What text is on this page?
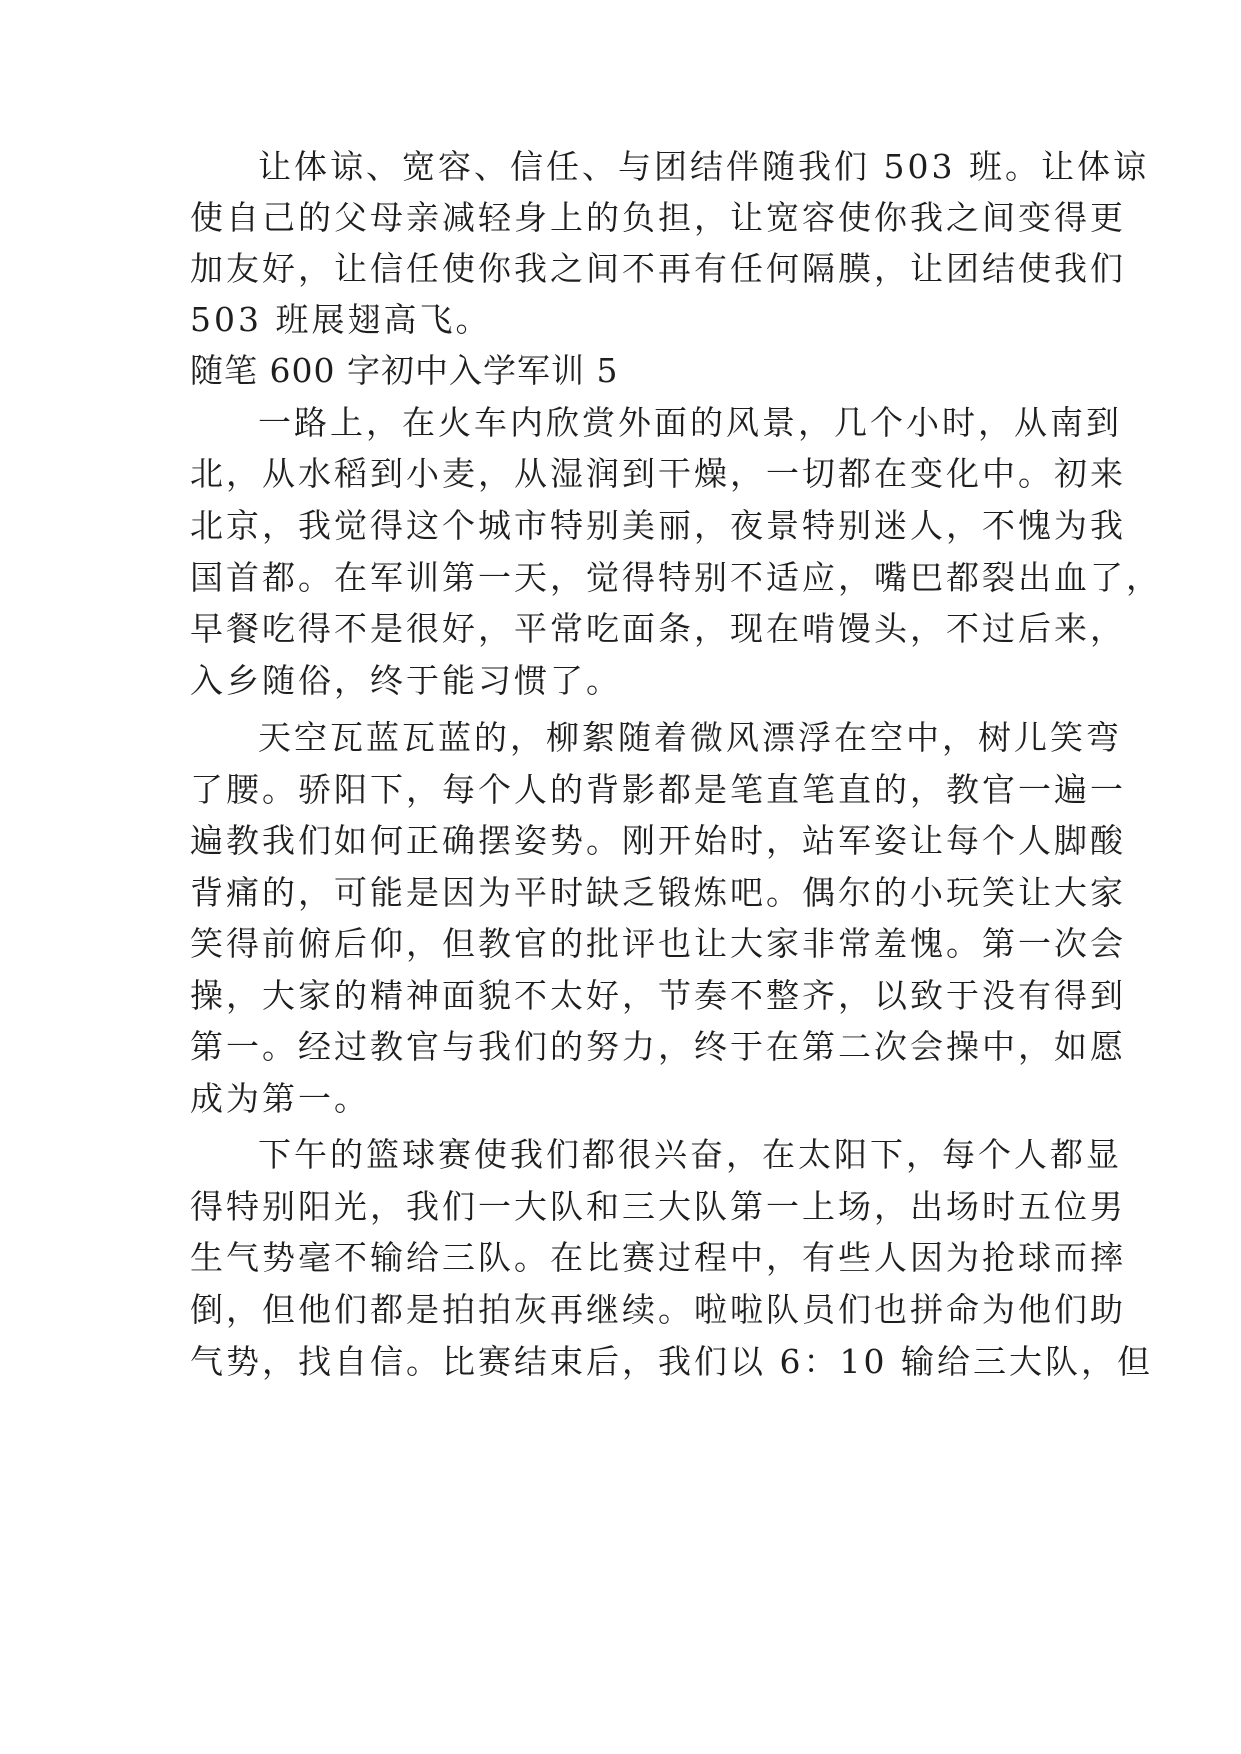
让体谅、宽容、信任、与团结伴随我们 503 班。让体谅

使自己的父母亲减轻身上的负担，让宽容使你我之间变得更

加友好，让信任使你我之间不再有任何隔膜，让团结使我们

503 班展翅高飞。

随笔 600 字初中入学军训 5

一路上，在火车内欣赏外面的风景，几个小时，从南到

北，从水稻到小麦，从湿润到干燥，一切都在变化中。初来

北京，我觉得这个城市特别美丽，夜景特别迷人，不愧为我

国首都。在军训第一天，觉得特别不适应，嘴巴都裂出血了，

早餐吃得不是很好，平常吃面条，现在啃馒头，不过后来，

入乡随俗，终于能习惯了。

天空瓦蓝瓦蓝的，柳絮随着微风漂浮在空中，树儿笑弯

了腰。骄阳下，每个人的背影都是笔直笔直的，教官一遍一

遍教我们如何正确摆姿势。刚开始时，站军姿让每个人脚酸

背痛的，可能是因为平时缺乏锻炼吧。偶尔的小玩笑让大家

笑得前俯后仰，但教官的批评也让大家非常羞愧。第一次会

操，大家的精神面貌不太好，节奏不整齐，以致于没有得到

第一。经过教官与我们的努力，终于在第二次会操中，如愿

成为第一。

下午的篮球赛使我们都很兴奋，在太阳下，每个人都显

得特别阳光，我们一大队和三大队第一上场，出场时五位男

生气势毫不输给三队。在比赛过程中，有些人因为抢球而摔

倒，但他们都是拍拍灰再继续。啦啦队员们也拼命为他们助

气势，找自信。比赛结束后，我们以 6：10 输给三大队，但
